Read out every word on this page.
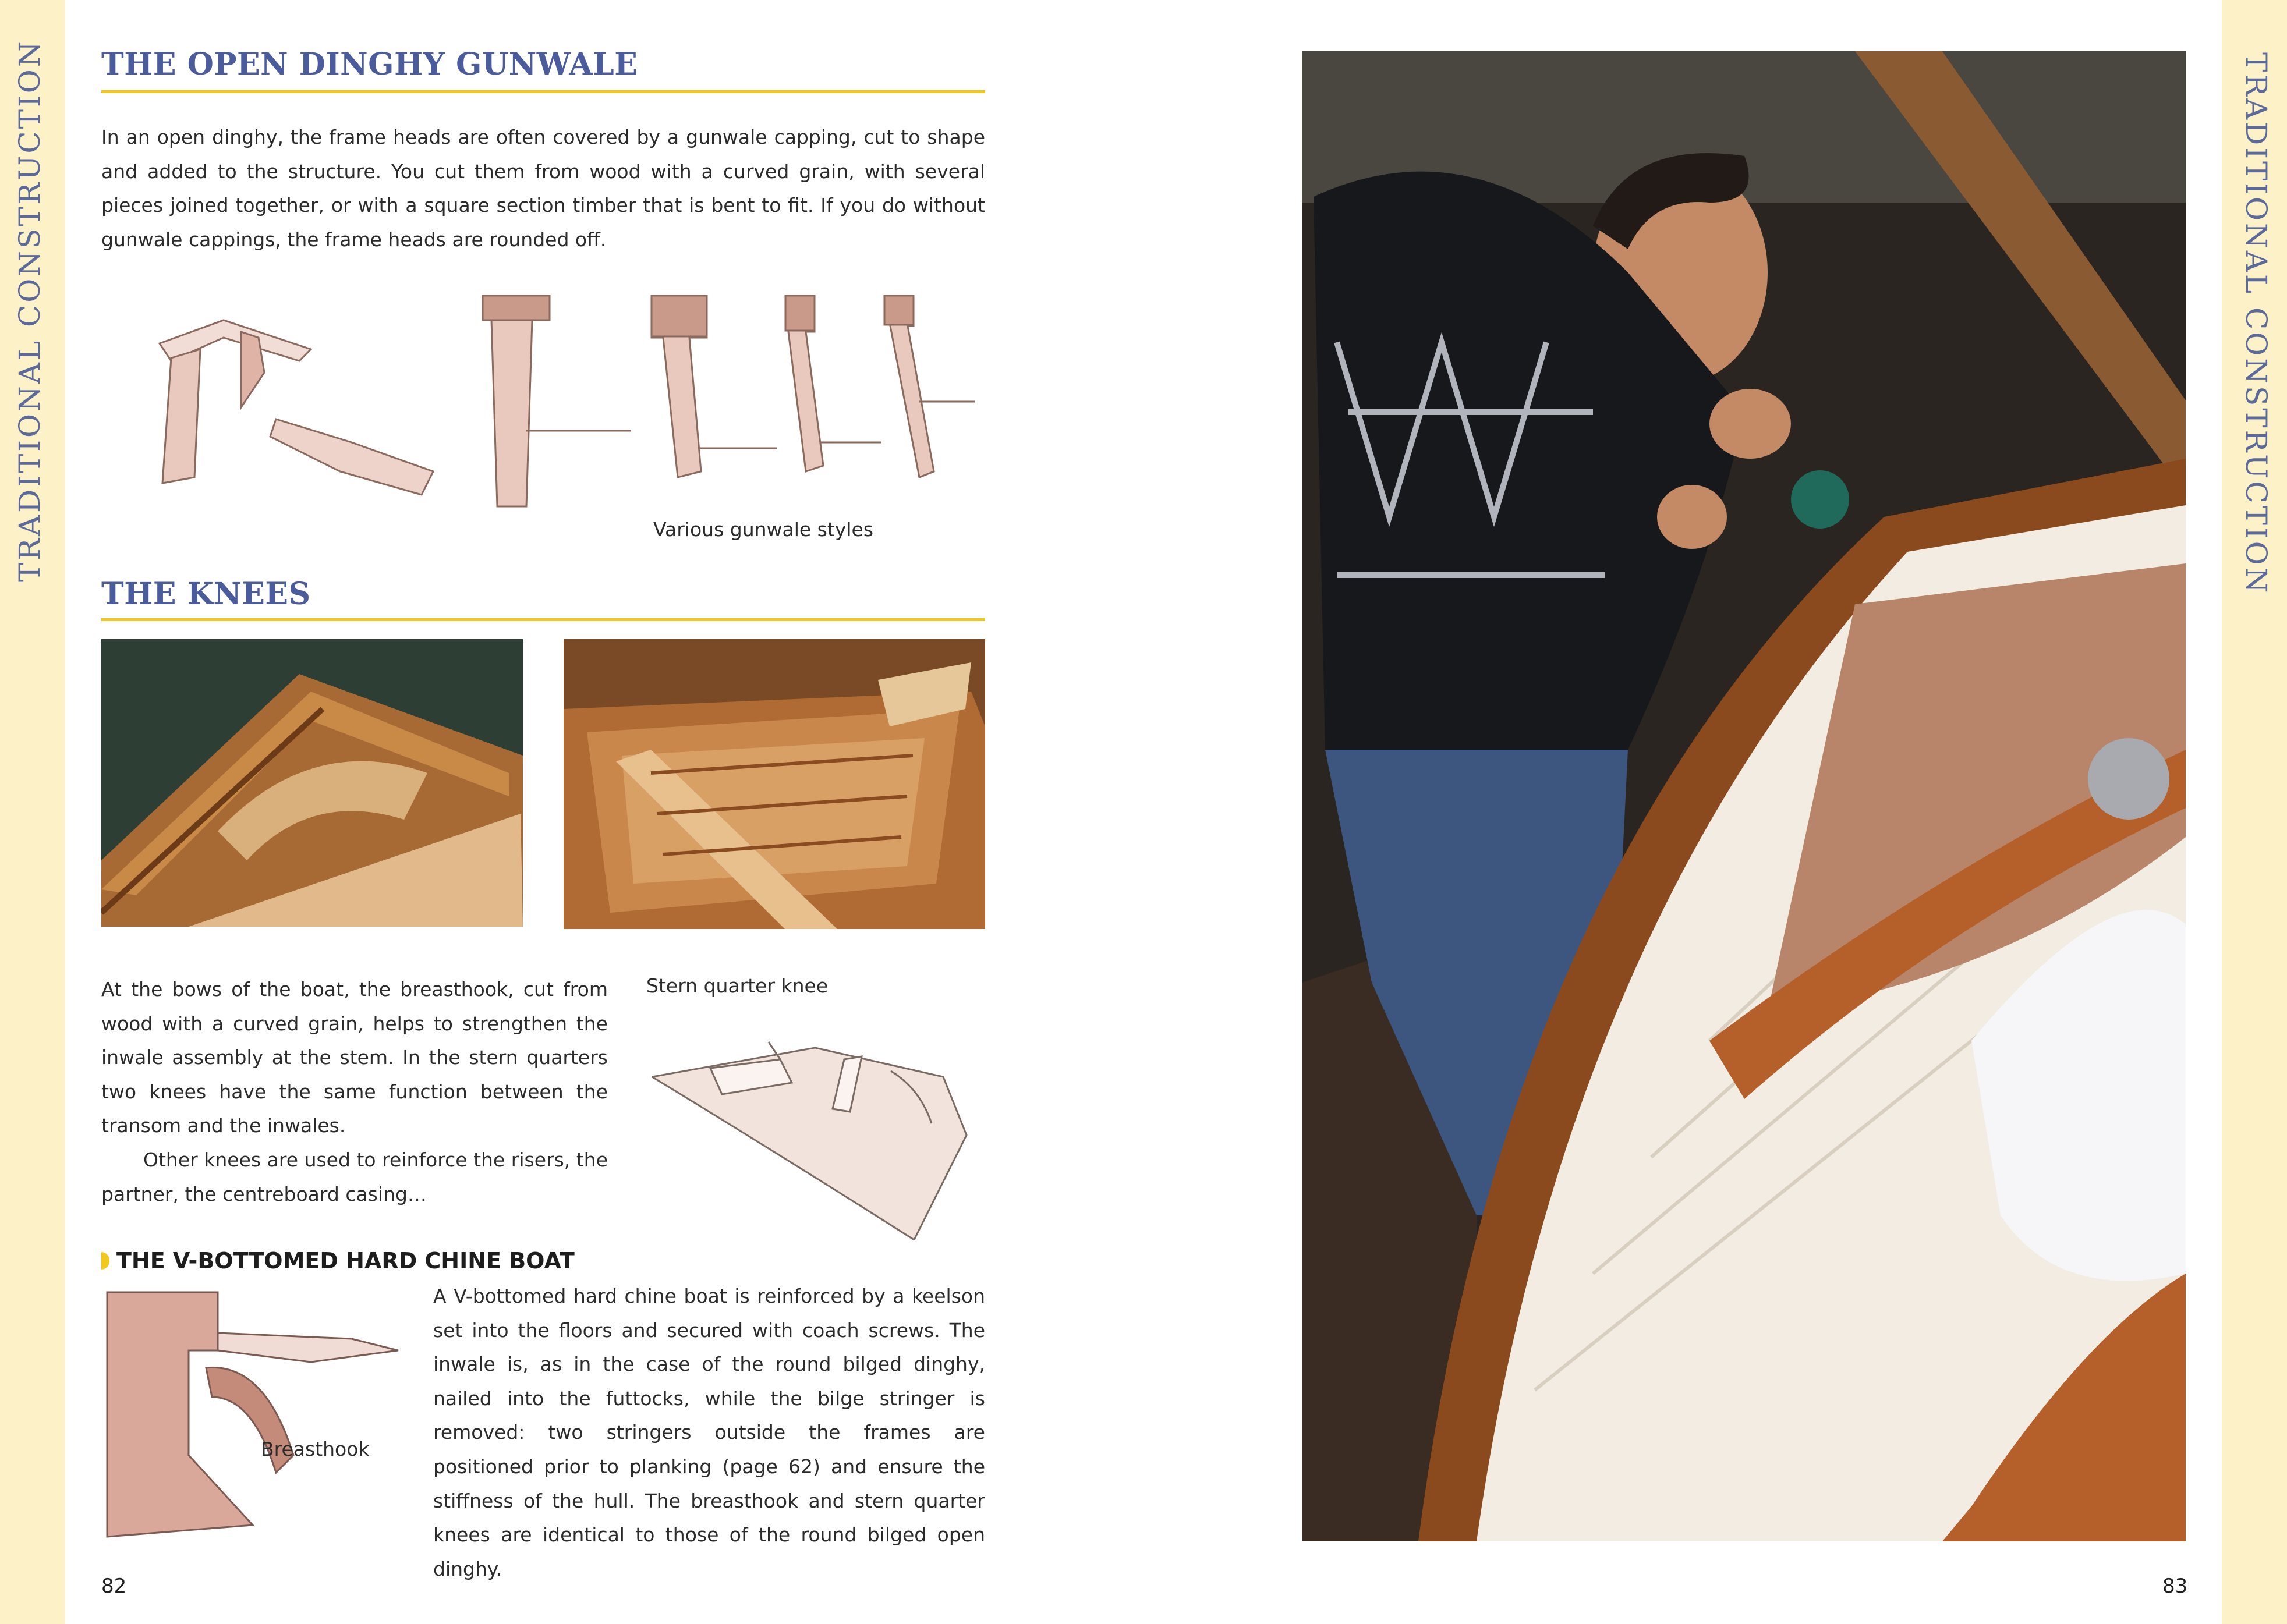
TRADITIONAL CONSTRUCTION	TRADITIONAL CONSTRUCTION
THE OPEN DINGHY GUNWALE

In an open dinghy, the frame heads are often covered by a gunwale capping, cut to shape and added to the structure. You cut them from wood with a curved grain, with several pieces joined together, or with a square section timber that is bent to fit. If you do without gunwale cappings, the frame heads are rounded off.

Various gunwale styles
THE KNEES

At the bows of the boat, the breasthook, cut from wood with a curved grain, helps to strengthen the inwale assembly at the stem. In the stern quarters two knees have the same function between the transom and the inwales.

Other knees are used to reinforce the risers, the partner, the centreboard casing…

Stern quarter knee
THE V-BOTTOMED HARD CHINE BOAT
Breasthook

A V-bottomed hard chine boat is reinforced by a keelson set into the floors and secured with coach screws. The inwale is, as in the case of the round bilged dinghy, nailed into the futtocks, while the bilge stringer is removed: two stringers outside the frames are positioned prior to planking (page 62) and ensure the stiffness of the hull. The breasthook and stern quarter knees are identical to those of the round bilged open dinghy.

82	83
